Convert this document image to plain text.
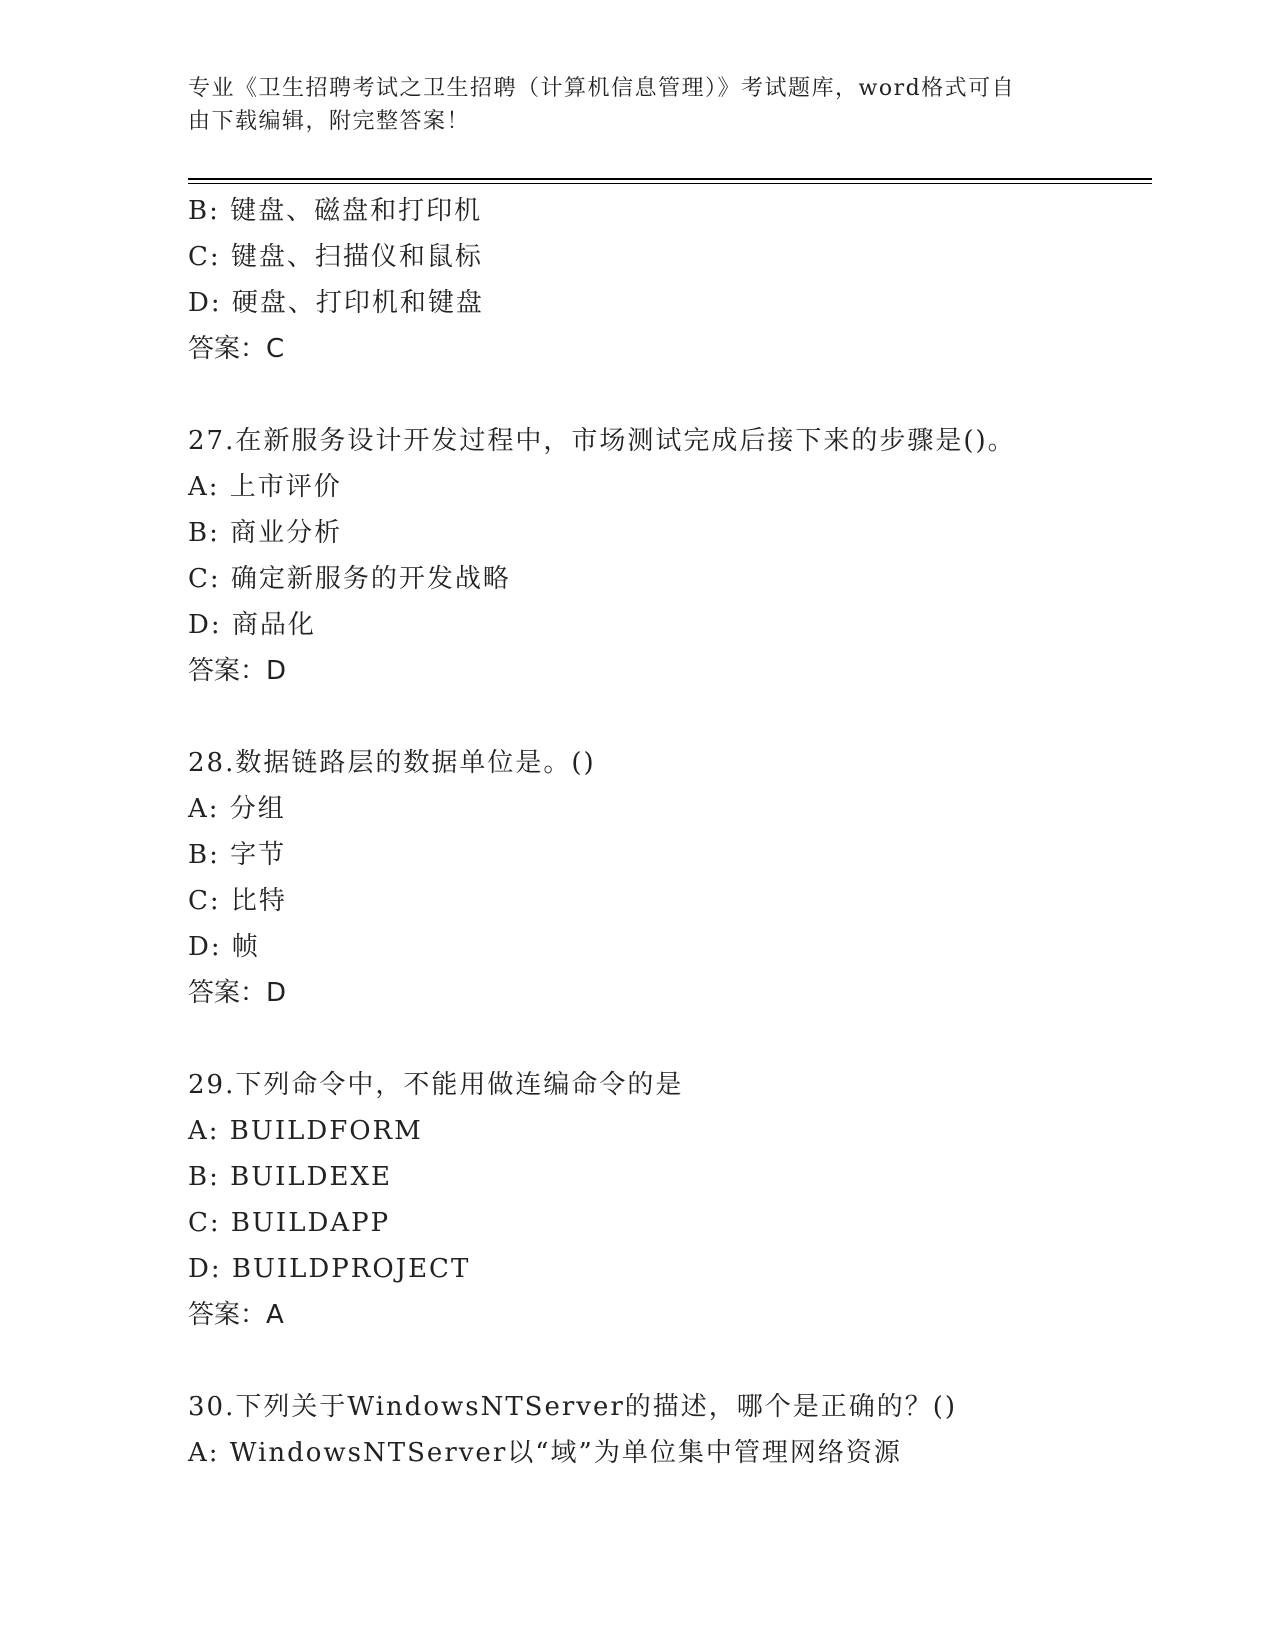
专业《卫生招聘考试之卫生招聘（计算机信息管理）》考试题库，word格式可自
由下载编辑，附完整答案！
B: 键盘、磁盘和打印机
C: 键盘、扫描仪和鼠标
D: 硬盘、打印机和键盘
答案：C
27.在新服务设计开发过程中，市场测试完成后接下来的步骤是()。
A: 上市评价
B: 商业分析
C: 确定新服务的开发战略
D: 商品化
答案：D
28.数据链路层的数据单位是。()
A: 分组
B: 字节
C: 比特
D: 帧
答案：D
29.下列命令中，不能用做连编命令的是
A: BUILDFORM
B: BUILDEXE
C: BUILDAPP
D: BUILDPROJECT
答案：A
30.下列关于WindowsNTServer的描述，哪个是正确的？()
A: WindowsNTServer以“域”为单位集中管理网络资源
